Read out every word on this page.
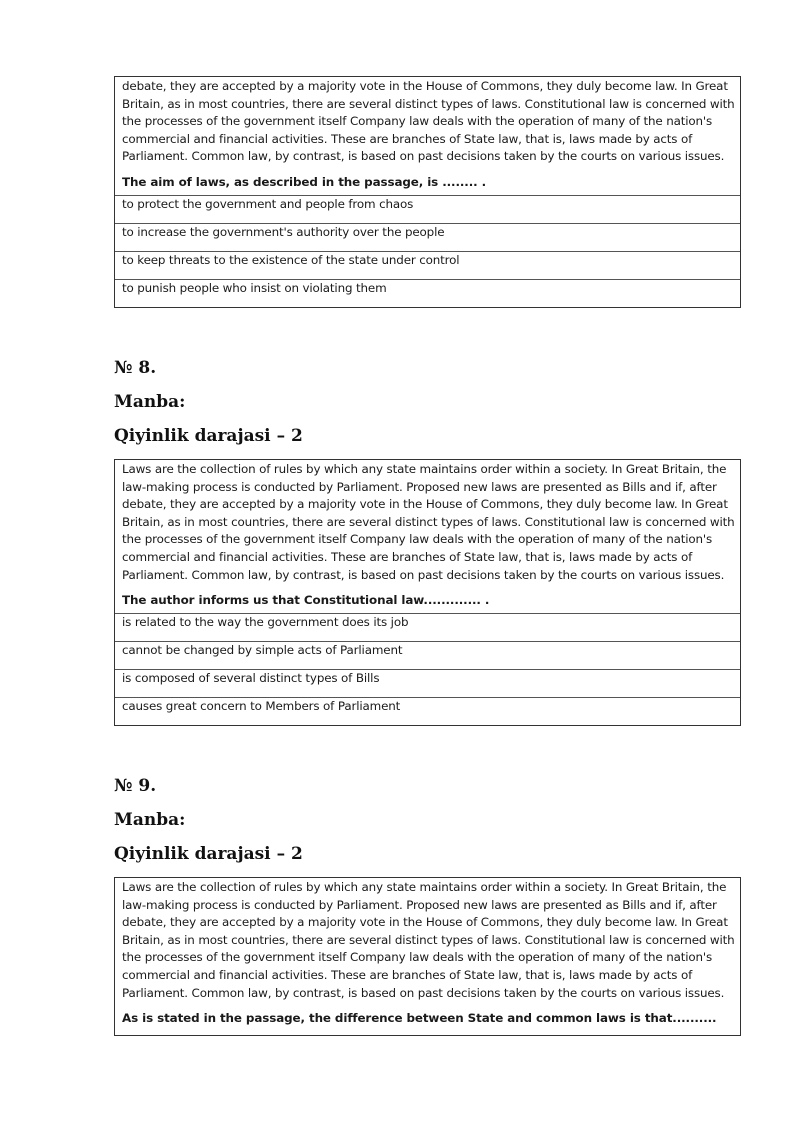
debate, they are accepted by a majority vote in the House of Commons, they duly become law. In Great
Britain, as in most countries, there are several distinct types of laws. Constitutional law is concerned with
the processes of the government itself Company law deals with the operation of many of the nation's
commercial and financial activities. These are branches of State law, that is, laws made by acts of
Parliament. Common law, by contrast, is based on past decisions taken by the courts on various issues.
The aim of laws, as described in the passage, is ........ .
to protect the government and people from chaos
to increase the government's authority over the people
to keep threats to the existence of the state under control
to punish people who insist on violating them

№ 8.

Manba:

Qiyinlik darajasi – 2

Laws are the collection of rules by which any state maintains order within a society. In Great Britain, the
law-making process is conducted by Parliament. Proposed new laws are presented as Bills and if, after
debate, they are accepted by a majority vote in the House of Commons, they duly become law. In Great
Britain, as in most countries, there are several distinct types of laws. Constitutional law is concerned with
the processes of the government itself Company law deals with the operation of many of the nation's
commercial and financial activities. These are branches of State law, that is, laws made by acts of
Parliament. Common law, by contrast, is based on past decisions taken by the courts on various issues.
The author informs us that Constitutional law............. .
is related to the way the government does its job
cannot be changed by simple acts of Parliament
is composed of several distinct types of Bills
causes great concern to Members of Parliament

№ 9.

Manba:

Qiyinlik darajasi – 2

Laws are the collection of rules by which any state maintains order within a society. In Great Britain, the
law-making process is conducted by Parliament. Proposed new laws are presented as Bills and if, after
debate, they are accepted by a majority vote in the House of Commons, they duly become law. In Great
Britain, as in most countries, there are several distinct types of laws. Constitutional law is concerned with
the processes of the government itself Company law deals with the operation of many of the nation's
commercial and financial activities. These are branches of State law, that is, laws made by acts of
Parliament. Common law, by contrast, is based on past decisions taken by the courts on various issues.
As is stated in the passage, the difference between State and common laws is that..........
